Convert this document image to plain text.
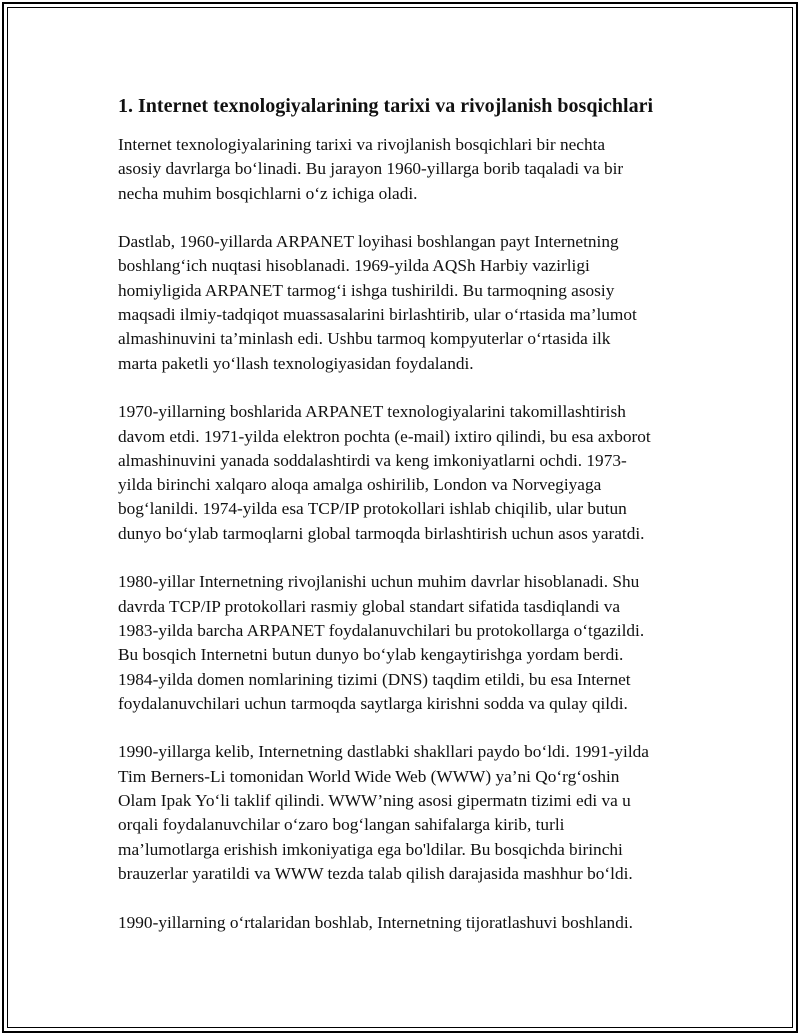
1. Internet texnologiyalarining tarixi va rivojlanish bosqichlari

Internet texnologiyalarining tarixi va rivojlanish bosqichlari bir nechta
asosiy davrlarga bo‘linadi. Bu jarayon 1960-yillarga borib taqaladi va bir
necha muhim bosqichlarni o‘z ichiga oladi.

Dastlab, 1960-yillarda ARPANET loyihasi boshlangan payt Internetning
boshlang‘ich nuqtasi hisoblanadi. 1969-yilda AQSh Harbiy vazirligi
homiyligida ARPANET tarmog‘i ishga tushirildi. Bu tarmoqning asosiy
maqsadi ilmiy-tadqiqot muassasalarini birlashtirib, ular o‘rtasida ma’lumot
almashinuvini ta’minlash edi. Ushbu tarmoq kompyuterlar o‘rtasida ilk
marta paketli yo‘llash texnologiyasidan foydalandi.

1970-yillarning boshlarida ARPANET texnologiyalarini takomillashtirish
davom etdi. 1971-yilda elektron pochta (e-mail) ixtiro qilindi, bu esa axborot
almashinuvini yanada soddalashtirdi va keng imkoniyatlarni ochdi. 1973-
yilda birinchi xalqaro aloqa amalga oshirilib, London va Norvegiyaga
bog‘lanildi. 1974-yilda esa TCP/IP protokollari ishlab chiqilib, ular butun
dunyo bo‘ylab tarmoqlarni global tarmoqda birlashtirish uchun asos yaratdi.

1980-yillar Internetning rivojlanishi uchun muhim davrlar hisoblanadi. Shu
davrda TCP/IP protokollari rasmiy global standart sifatida tasdiqlandi va
1983-yilda barcha ARPANET foydalanuvchilari bu protokollarga o‘tgazildi.
Bu bosqich Internetni butun dunyo bo‘ylab kengaytirishga yordam berdi.
1984-yilda domen nomlarining tizimi (DNS) taqdim etildi, bu esa Internet
foydalanuvchilari uchun tarmoqda saytlarga kirishni sodda va qulay qildi.

1990-yillarga kelib, Internetning dastlabki shakllari paydo bo‘ldi. 1991-yilda
Tim Berners-Li tomonidan World Wide Web (WWW) ya’ni Qo‘rg‘oshin
Olam Ipak Yo‘li taklif qilindi. WWW’ning asosi gipermatn tizimi edi va u
orqali foydalanuvchilar o‘zaro bog‘langan sahifalarga kirib, turli
ma’lumotlarga erishish imkoniyatiga ega bo'ldilar. Bu bosqichda birinchi
brauzerlar yaratildi va WWW tezda talab qilish darajasida mashhur bo‘ldi.

1990-yillarning o‘rtalaridan boshlab, Internetning tijoratlashuvi boshlandi.
